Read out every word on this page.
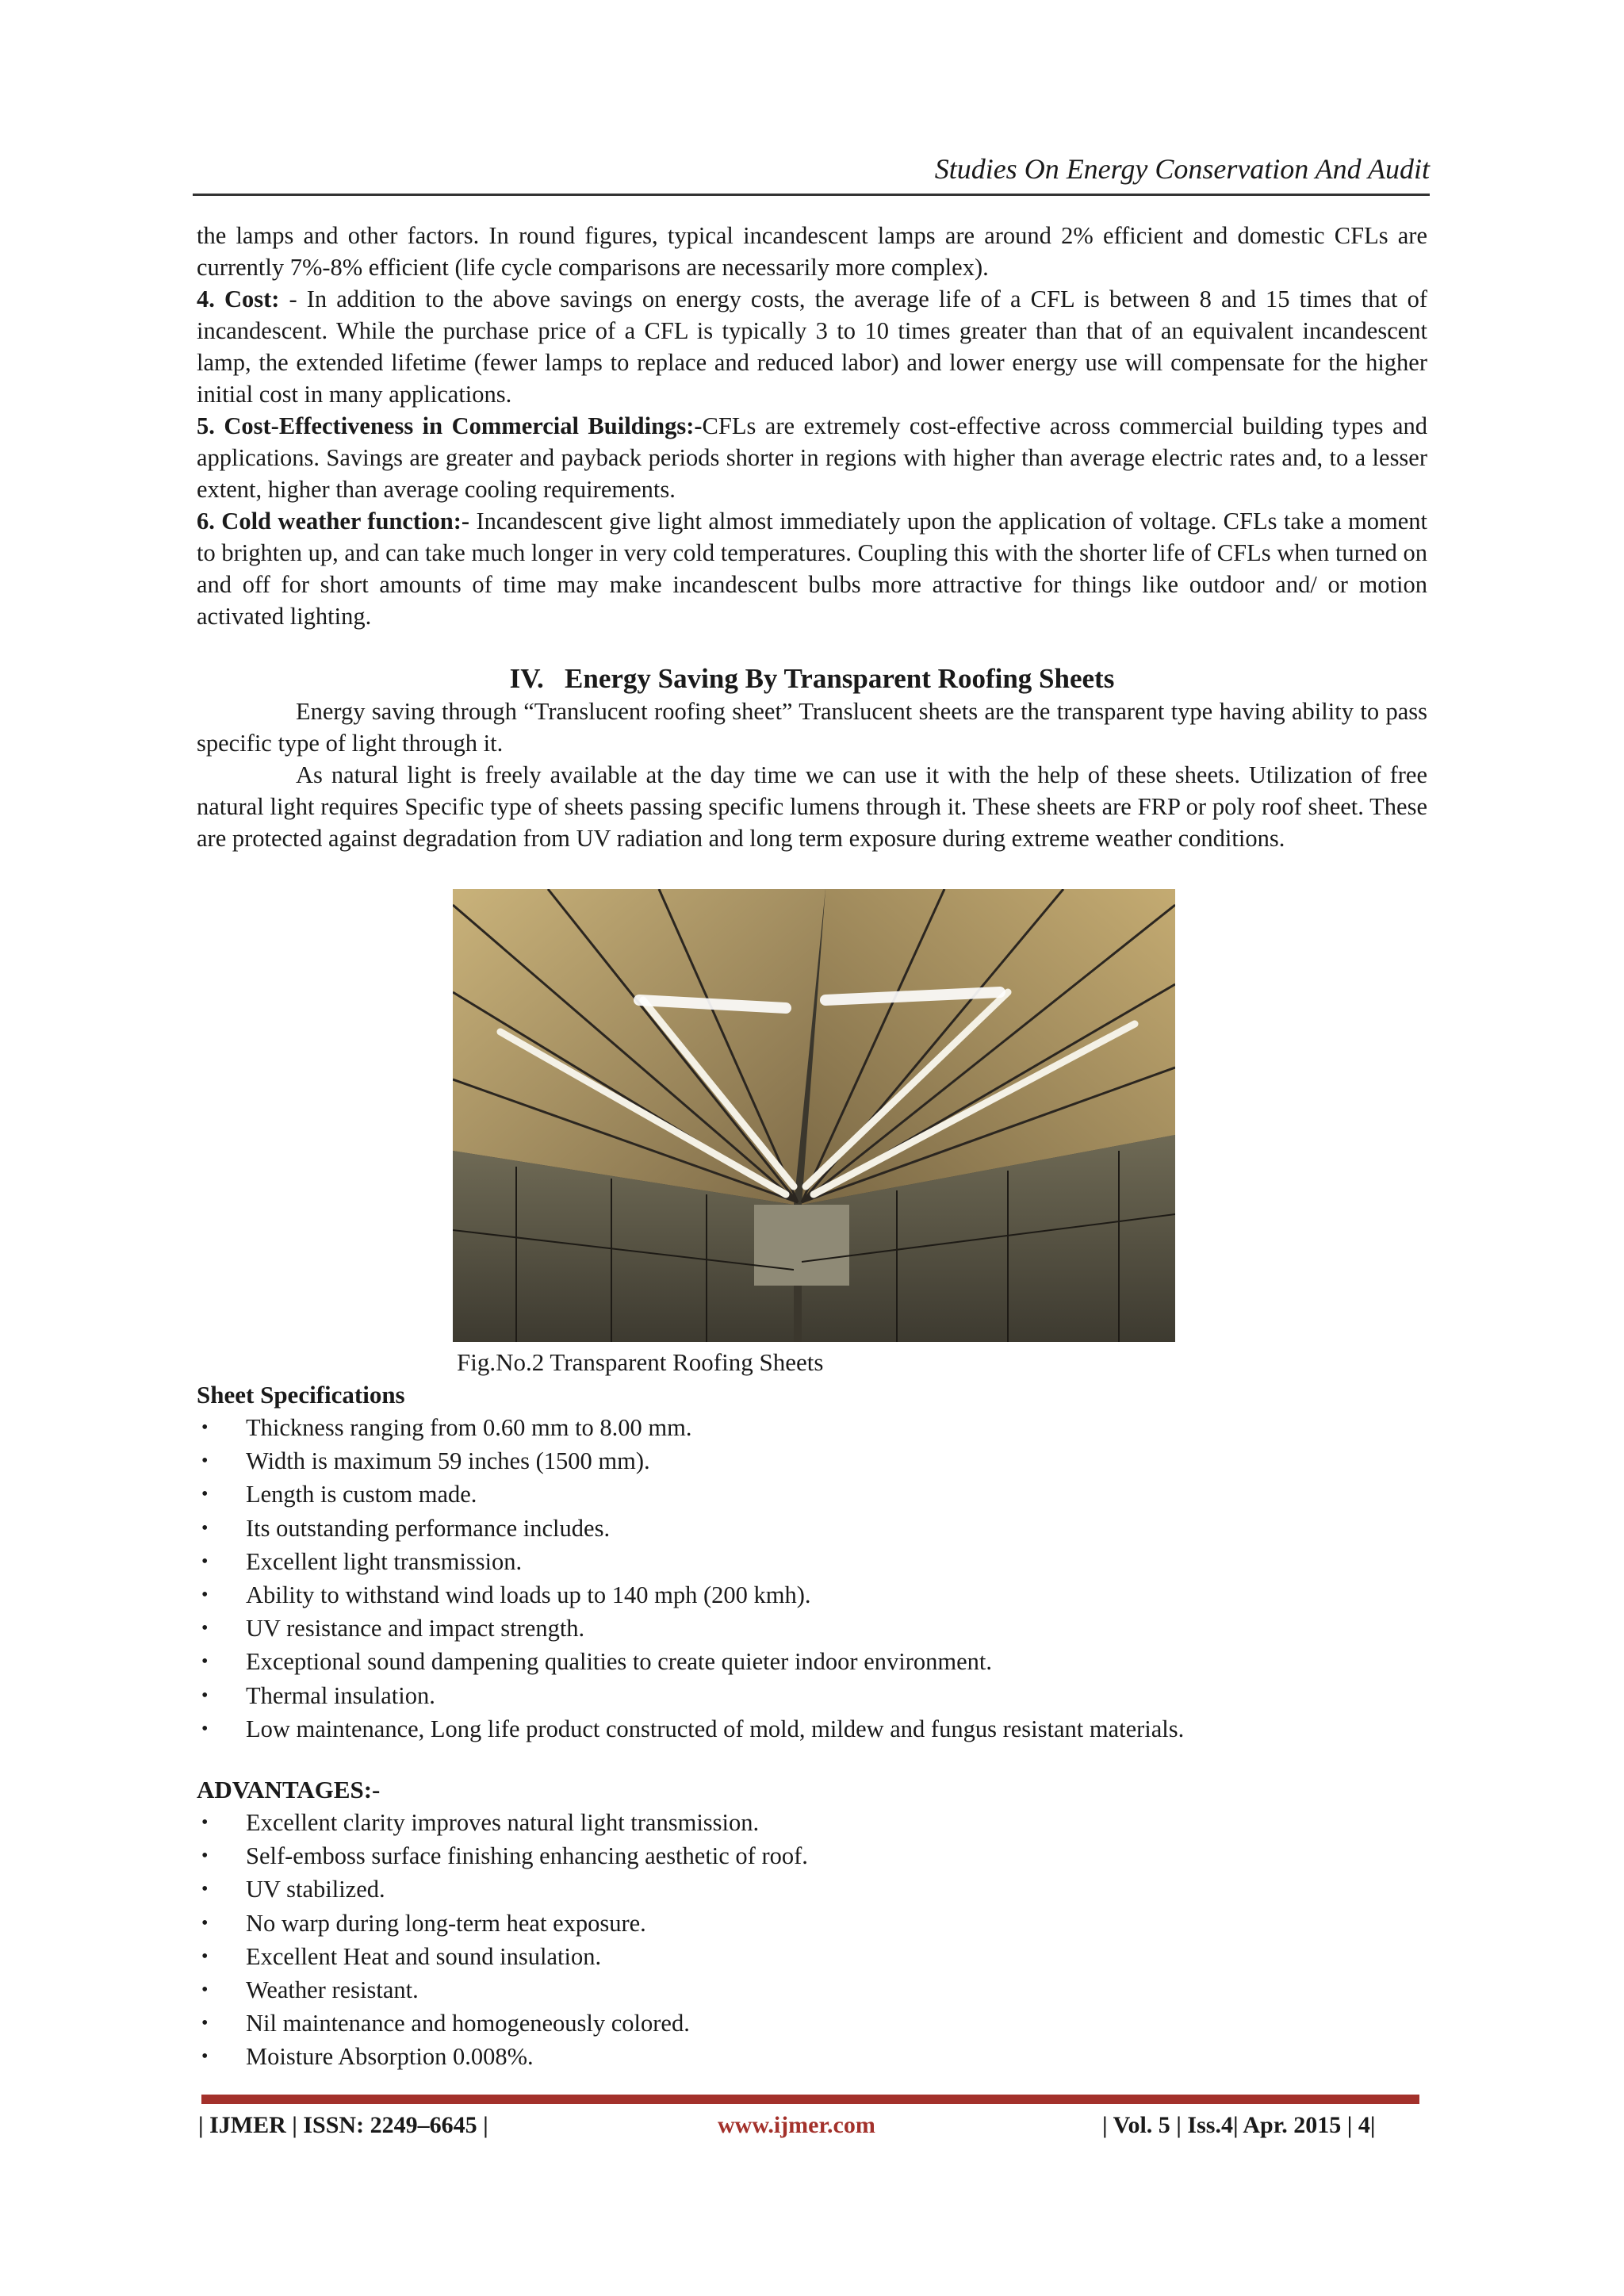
Studies On Energy Conservation And Audit

the lamps and other factors. In round figures, typical incandescent lamps are around 2% efficient and domestic CFLs are currently 7%-8% efficient (life cycle comparisons are necessarily more complex).

4. Cost: - In addition to the above savings on energy costs, the average life of a CFL is between 8 and 15 times that of incandescent. While the purchase price of a CFL is typically 3 to 10 times greater than that of an equivalent incandescent lamp, the extended lifetime (fewer lamps to replace and reduced labor) and lower energy use will compensate for the higher initial cost in many applications.

5. Cost-Effectiveness in Commercial Buildings:-CFLs are extremely cost-effective across commercial building types and applications. Savings are greater and payback periods shorter in regions with higher than average electric rates and, to a lesser extent, higher than average cooling requirements.

6. Cold weather function:- Incandescent give light almost immediately upon the application of voltage. CFLs take a moment to brighten up, and can take much longer in very cold temperatures. Coupling this with the shorter life of CFLs when turned on and off for short amounts of time may make incandescent bulbs more attractive for things like outdoor and/ or motion activated lighting.

IV.   Energy Saving By Transparent Roofing Sheets

Energy saving through “Translucent roofing sheet” Translucent sheets are the transparent type having ability to pass specific type of light through it.

As natural light is freely available at the day time we can use it with the help of these sheets. Utilization of free natural light requires Specific type of sheets passing specific lumens through it. These sheets are FRP or poly roof sheet. These are protected against degradation from UV radiation and long term exposure during extreme weather conditions.

Fig.No.2 Transparent Roofing Sheets
Sheet Specifications
• Thickness ranging from 0.60 mm to 8.00 mm.
• Width is maximum 59 inches (1500 mm).
• Length is custom made.
• Its outstanding performance includes.
• Excellent light transmission.
• Ability to withstand wind loads up to 140 mph (200 kmh).
• UV resistance and impact strength.
• Exceptional sound dampening qualities to create quieter indoor environment.
• Thermal insulation.
• Low maintenance, Long life product constructed of mold, mildew and fungus resistant materials.
ADVANTAGES:-
• Excellent clarity improves natural light transmission.
• Self-emboss surface finishing enhancing aesthetic of roof.
• UV stabilized.
• No warp during long-term heat exposure.
• Excellent Heat and sound insulation.
• Weather resistant.
• Nil maintenance and homogeneously colored.
• Moisture Absorption 0.008%.
| IJMER | ISSN: 2249–6645 |	www.ijmer.com	| Vol. 5 | Iss.4| Apr. 2015 | 4|
